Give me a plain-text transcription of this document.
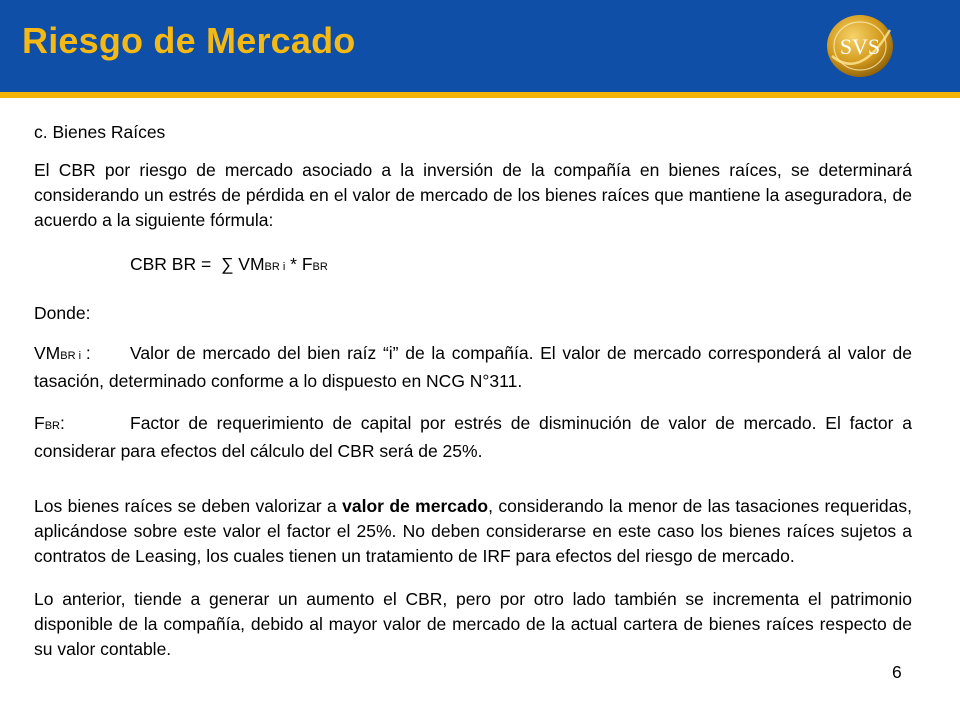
Riesgo de Mercado	SVS

c. Bienes Raíces

El CBR por riesgo de mercado asociado a la inversión de la compañía en bienes raíces, se determinará considerando un estrés de pérdida en el valor de mercado de los bienes raíces que mantiene la aseguradora, de acuerdo a la siguiente fórmula:

CBR BR = ∑ VMBR i * FBR

Donde:

VMBR i : Valor de mercado del bien raíz “i” de la compañía. El valor de mercado corresponderá al valor de tasación, determinado conforme a lo dispuesto en NCG N°311.

FBR:	Factor de requerimiento de capital por estrés de disminución de valor de mercado. El factor a considerar para efectos del cálculo del CBR será de 25%.

Los bienes raíces se deben valorizar a valor de mercado, considerando la menor de las tasaciones requeridas, aplicándose sobre este valor el factor el 25%. No deben considerarse en este caso los bienes raíces sujetos a contratos de Leasing, los cuales tienen un tratamiento de IRF para efectos del riesgo de mercado.

Lo anterior, tiende a generar un aumento el CBR, pero por otro lado también se incrementa el patrimonio disponible de la compañía, debido al mayor valor de mercado de la actual cartera de bienes raíces respecto de su valor contable.

6
